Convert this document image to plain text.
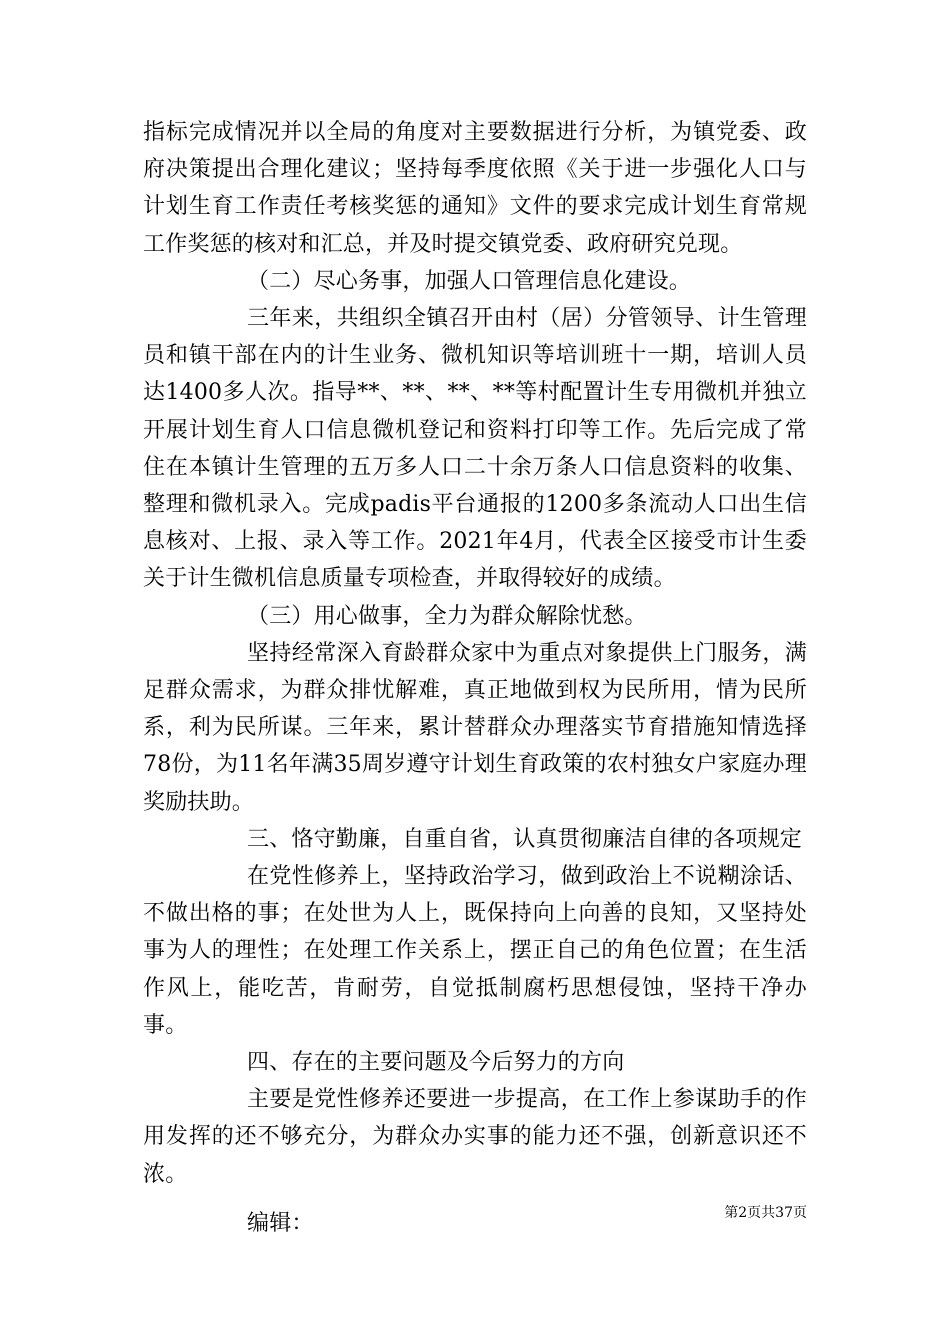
指标完成情况并以全局的角度对主要数据进行分析，为镇党委、政府决策提出合理化建议；坚持每季度依照《关于进一步强化人口与计划生育工作责任考核奖惩的通知》文件的要求完成计划生育常规工作奖惩的核对和汇总，并及时提交镇党委、政府研究兑现。

（二）尽心务事，加强人口管理信息化建设。

三年来，共组织全镇召开由村（居）分管领导、计生管理员和镇干部在内的计生业务、微机知识等培训班十一期，培训人员达1400多人次。指导**、**、**、**等村配置计生专用微机并独立开展计划生育人口信息微机登记和资料打印等工作。先后完成了常住在本镇计生管理的五万多人口二十余万条人口信息资料的收集、整理和微机录入。完成padis平台通报的1200多条流动人口出生信息核对、上报、录入等工作。2021年4月，代表全区接受市计生委关于计生微机信息质量专项检查，并取得较好的成绩。

（三）用心做事，全力为群众解除忧愁。

坚持经常深入育龄群众家中为重点对象提供上门服务，满足群众需求，为群众排忧解难，真正地做到权为民所用，情为民所系，利为民所谋。三年来，累计替群众办理落实节育措施知情选择78份，为11名年满35周岁遵守计划生育政策的农村独女户家庭办理奖励扶助。

三、恪守勤廉，自重自省，认真贯彻廉洁自律的各项规定

在党性修养上，坚持政治学习，做到政治上不说糊涂话、不做出格的事；在处世为人上，既保持向上向善的良知，又坚持处事为人的理性；在处理工作关系上，摆正自己的角色位置；在生活作风上，能吃苦，肯耐劳，自觉抵制腐朽思想侵蚀，坚持干净办事。

四、存在的主要问题及今后努力的方向

主要是党性修养还要进一步提高，在工作上参谋助手的作用发挥的还不够充分，为群众办实事的能力还不强，创新意识还不浓。

编辑：	第2页共37页
